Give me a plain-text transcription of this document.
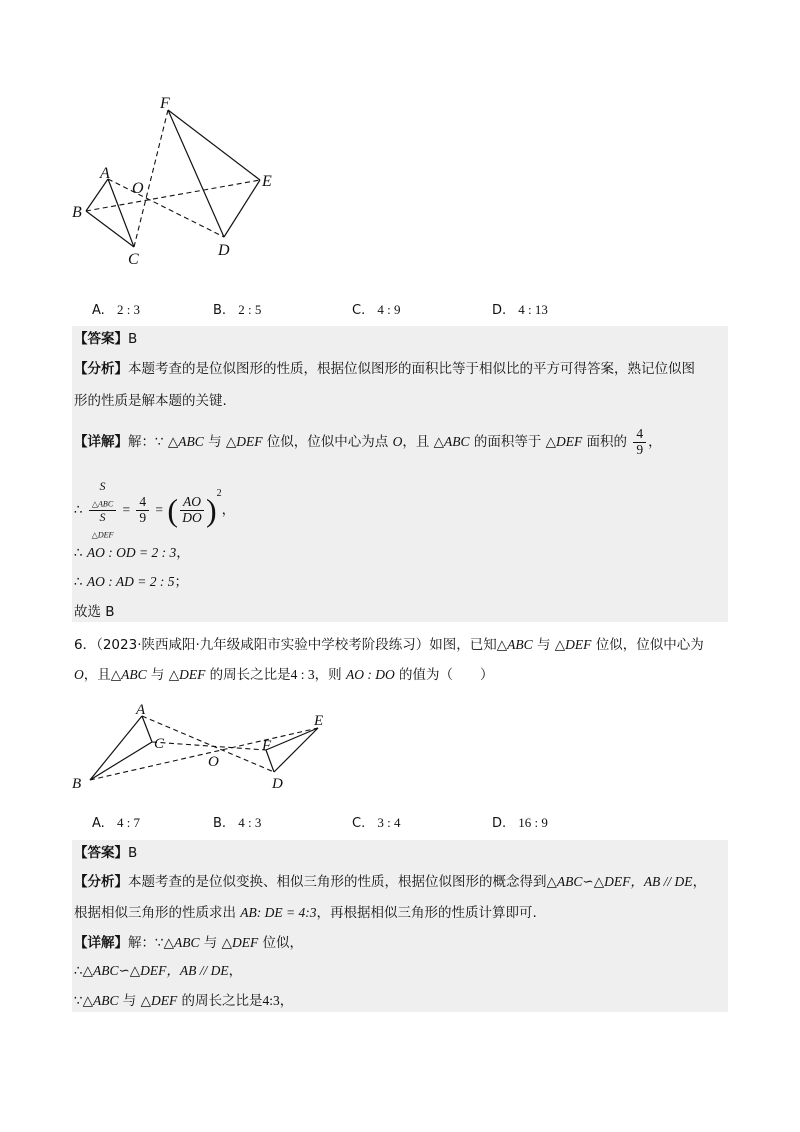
F
A
O	E
B
C
D
A. 2 : 3	B. 2 : 5	C. 4 : 9	D. 4 : 13
【答案】B
【分析】本题考查的是位似图形的性质，根据位似图形的面积比等于相似比的平方可得答案，熟记位似图
形的性质是解本题的关键.
【详解】解：∵ △ABC 与 △DEF 位似，位似中心为点 O，且 △ABC 的面积等于 △DEF 面积的 $\frac{4}{9}$ ，
∴ S
$_{\triangle ABC}$
S
$_{\triangle DEF} = \frac{4}{9}$ = ( $\frac{AO}{DO} )^2$，
∴ AO : OD = 2 : 3，
∴ AO : AD = 2 : 5；
故选 B
6．（2023·陕西咸阳·九年级咸阳市实验中学校考阶段练习）如图，已知△ABC 与 △DEF 位似，位似中心为
O，且△ABC 与 △DEF 的周长之比是4 : 3，则 AO : DO 的值为（　　）
A
C
B
O
E
F
D
A. 4 : 7	B. 4 : 3	C. 3 : 4	D. 16 : 9
【答案】B
【分析】本题考查的是位似变换、相似三角形的性质，根据位似图形的概念得到△ABC∽△DEF，AB // DE，
根据相似三角形的性质求出 AB: DE = 4:3，再根据相似三角形的性质计算即可.
【详解】解：∵△ABC 与 △DEF 位似，
∴△ABC∽△DEF，AB // DE，
∵△ABC 与 △DEF 的周长之比是4:3，
